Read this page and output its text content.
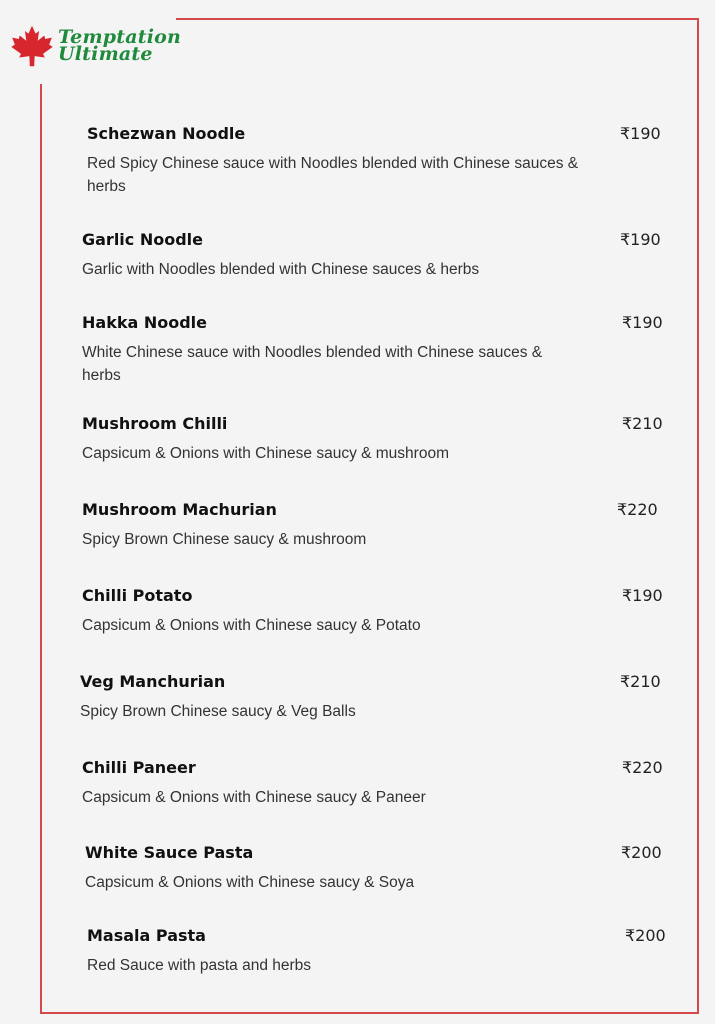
Temptation
Ultimate
Schezwan Noodle	₹190
Red Spicy Chinese sauce with Noodles blended with Chinese sauces & herbs
Garlic Noodle	₹190
Garlic with Noodles blended with Chinese sauces & herbs
Hakka Noodle	₹190
White Chinese sauce with Noodles blended with Chinese sauces & herbs
Mushroom Chilli	₹210
Capsicum & Onions with Chinese saucy & mushroom
Mushroom Machurian	₹220
Spicy Brown Chinese saucy & mushroom
Chilli Potato	₹190
Capsicum & Onions with Chinese saucy & Potato
Veg Manchurian	₹210
Spicy Brown Chinese saucy & Veg Balls
Chilli Paneer	₹220
Capsicum & Onions with Chinese saucy & Paneer
White Sauce Pasta	₹200
Capsicum & Onions with Chinese saucy & Soya
Masala Pasta	₹200
Red Sauce with pasta and herbs
